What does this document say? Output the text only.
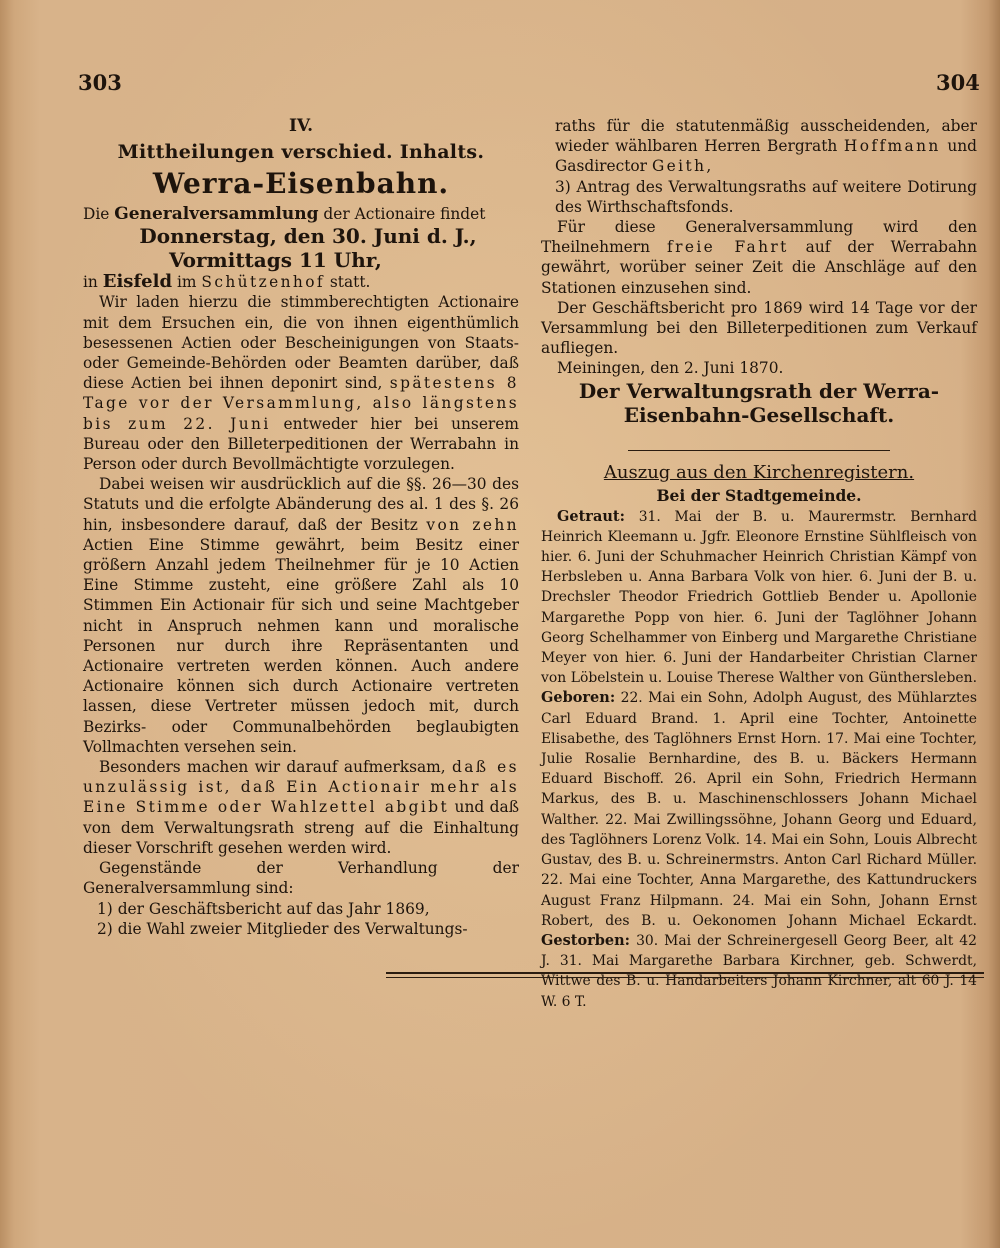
303	304
IV.
Mittheilungen verschied. Inhalts.
Werra-Eisenbahn.

Die Generalversammlung der Actionaire findet

Donnerstag, den 30. Juni d. J.,
Vormittags 11 Uhr,

in Eisfeld im Schützenhof statt.

Wir laden hierzu die stimmberechtigten Actionaire mit dem Ersuchen ein, die von ihnen eigenthümlich besessenen Actien oder Bescheinigungen von Staats- oder Gemeinde-Behörden oder Beamten darüber, daß diese Actien bei ihnen deponirt sind, spätestens 8 Tage vor der Versammlung, also längstens bis zum 22. Juni entweder hier bei unserem Bureau oder den Billeterpeditionen der Werrabahn in Person oder durch Bevollmächtigte vorzulegen.

Dabei weisen wir ausdrücklich auf die §§. 26—30 des Statuts und die erfolgte Abänderung des al. 1 des §. 26 hin, insbesondere darauf, daß der Besitz von zehn Actien Eine Stimme gewährt, beim Besitz einer größern Anzahl jedem Theilnehmer für je 10 Actien Eine Stimme zusteht, eine größere Zahl als 10 Stimmen Ein Actionair für sich und seine Machtgeber nicht in Anspruch nehmen kann und moralische Personen nur durch ihre Repräsentanten und Actionaire vertreten werden können. Auch andere Actionaire können sich durch Actionaire vertreten lassen, diese Vertreter müssen jedoch mit, durch Bezirks- oder Communalbehörden beglaubigten Vollmachten versehen sein.

Besonders machen wir darauf aufmerksam, daß es unzulässig ist, daß Ein Actionair mehr als Eine Stimme oder Wahlzettel abgibt und daß von dem Verwaltungsrath streng auf die Einhaltung dieser Vorschrift gesehen werden wird.

Gegenstände der Verhandlung der Generalversammlung sind:

1) der Geschäftsbericht auf das Jahr 1869,

2) die Wahl zweier Mitglieder des Verwaltungs-

raths für die statutenmäßig ausscheidenden, aber wieder wählbaren Herren Bergrath Hoffmann und Gasdirector Geith,

3) Antrag des Verwaltungsraths auf weitere Dotirung des Wirthschaftsfonds.

Für diese Generalversammlung wird den Theilnehmern freie Fahrt auf der Werrabahn gewährt, worüber seiner Zeit die Anschläge auf den Stationen einzusehen sind.

Der Geschäftsbericht pro 1869 wird 14 Tage vor der Versammlung bei den Billeterpeditionen zum Verkauf aufliegen.

Meiningen, den 2. Juni 1870.

Der Verwaltungsrath der Werra-Eisenbahn-Gesellschaft.

Auszug aus den Kirchenregistern.
Bei der Stadtgemeinde.

Getraut: 31. Mai der B. u. Maurermstr. Bernhard Heinrich Kleemann u. Jgfr. Eleonore Ernstine Sühlfleisch von hier. 6. Juni der Schuhmacher Heinrich Christian Kämpf von Herbsleben u. Anna Barbara Volk von hier. 6. Juni der B. u. Drechsler Theodor Friedrich Gottlieb Bender u. Apollonie Margarethe Popp von hier. 6. Juni der Taglöhner Johann Georg Schelhammer von Einberg und Margarethe Christiane Meyer von hier. 6. Juni der Handarbeiter Christian Clarner von Löbelstein u. Louise Therese Walther von Günthersleben. Geboren: 22. Mai ein Sohn, Adolph August, des Mühlarztes Carl Eduard Brand. 1. April eine Tochter, Antoinette Elisabethe, des Taglöhners Ernst Horn. 17. Mai eine Tochter, Julie Rosalie Bernhardine, des B. u. Bäckers Hermann Eduard Bischoff. 26. April ein Sohn, Friedrich Hermann Markus, des B. u. Maschinenschlossers Johann Michael Walther. 22. Mai Zwillingssöhne, Johann Georg und Eduard, des Taglöhners Lorenz Volk. 14. Mai ein Sohn, Louis Albrecht Gustav, des B. u. Schreinermstrs. Anton Carl Richard Müller. 22. Mai eine Tochter, Anna Margarethe, des Kattundruckers August Franz Hilpmann. 24. Mai ein Sohn, Johann Ernst Robert, des B. u. Oekonomen Johann Michael Eckardt. Gestorben: 30. Mai der Schreinergesell Georg Beer, alt 42 J. 31. Mai Margarethe Barbara Kirchner, geb. Schwerdt, Wittwe des B. u. Handarbeiters Johann Kirchner, alt 60 J. 14 W. 6 T.
